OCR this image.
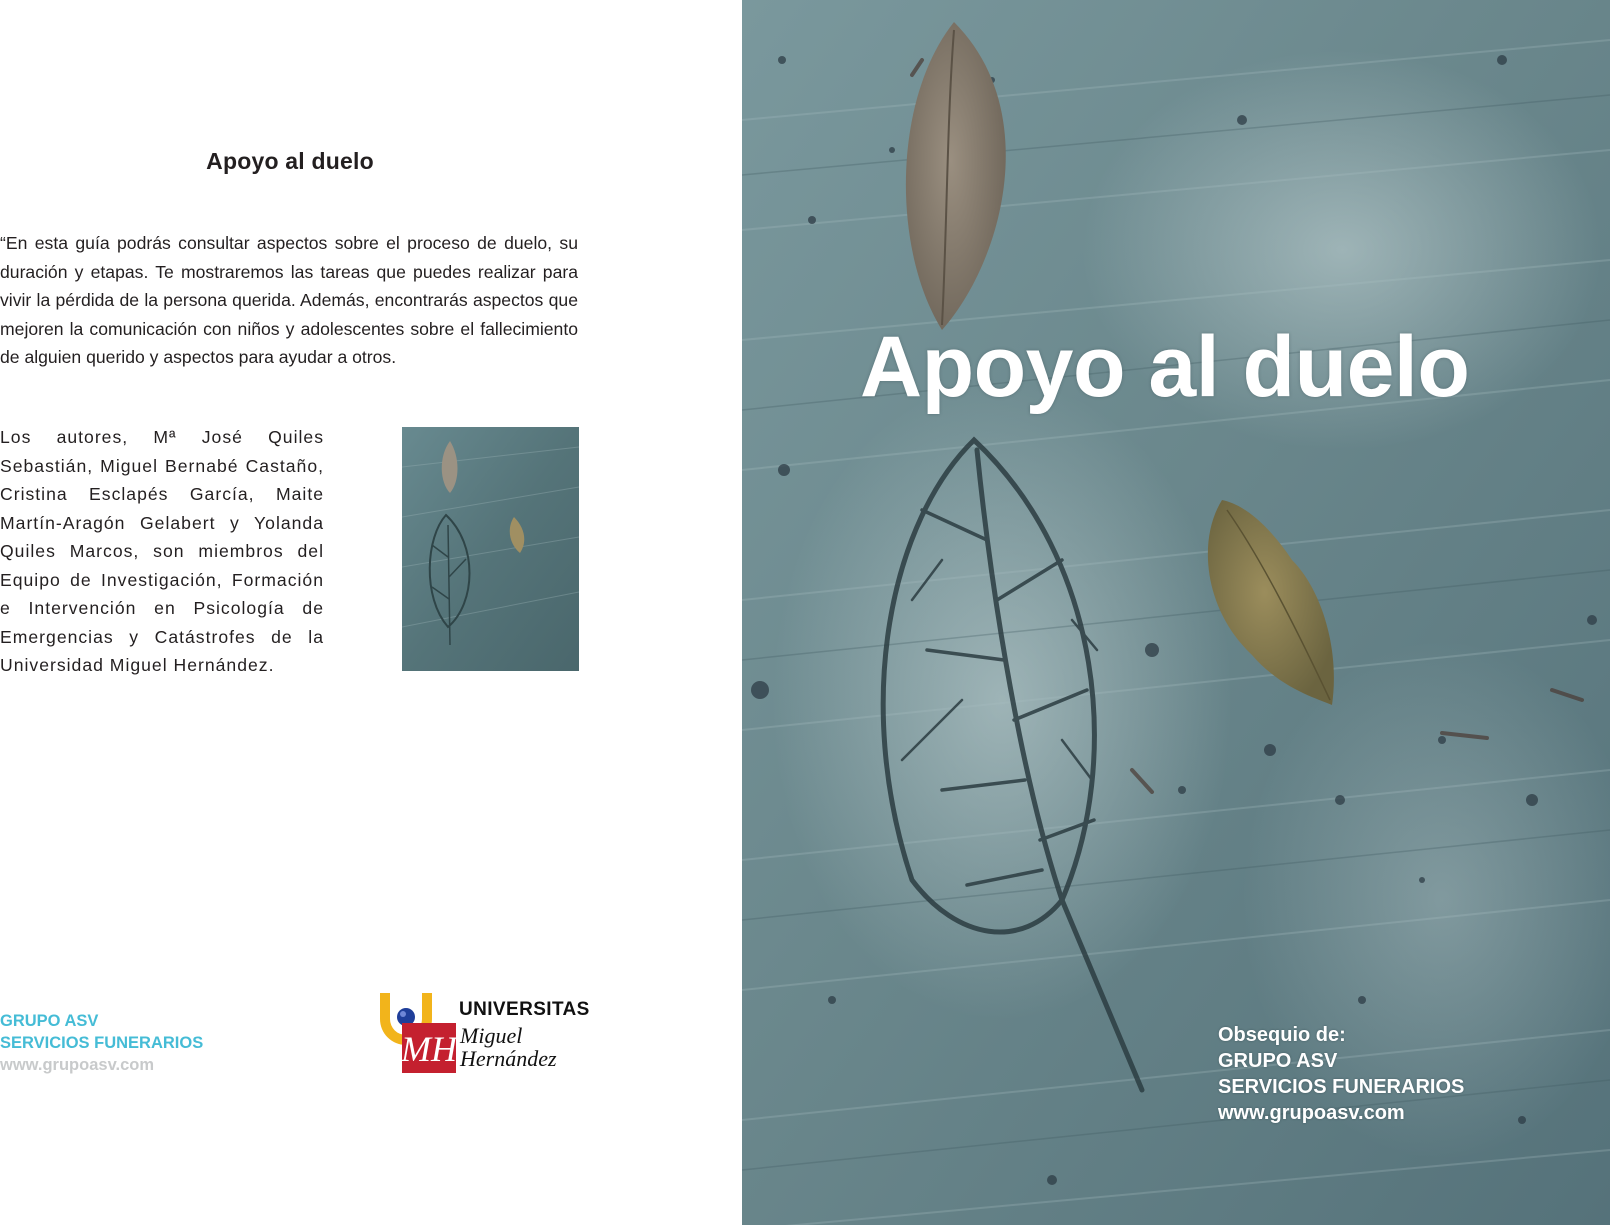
Apoyo al duelo

“En esta guía podrás consultar aspectos sobre el proceso de duelo, su duración y etapas. Te mostraremos las tareas que puedes realizar para vivir la pérdida de la persona querida. Además, encontrarás aspectos que mejoren la comunicación con niños y adolescentes sobre el fallecimiento de alguien querido y aspectos para ayudar a otros.

Los autores, Mª José Quiles Sebastián, Miguel Bernabé Castaño, Cristina Esclapés García, Maite Martín-Aragón Gelabert y Yolanda Quiles Marcos, son miembros del Equipo de Investigación, Formación e Intervención en Psicología de Emergencias y Catástrofes de la Universidad Miguel Hernández.

GRUPO ASV
SERVICIOS FUNERARIOS
www.grupoasv.com	MH
UNIVERSITAS
Miguel
Hernández
Apoyo al duelo
Obsequio de:
GRUPO ASV
SERVICIOS FUNERARIOS
www.grupoasv.com
